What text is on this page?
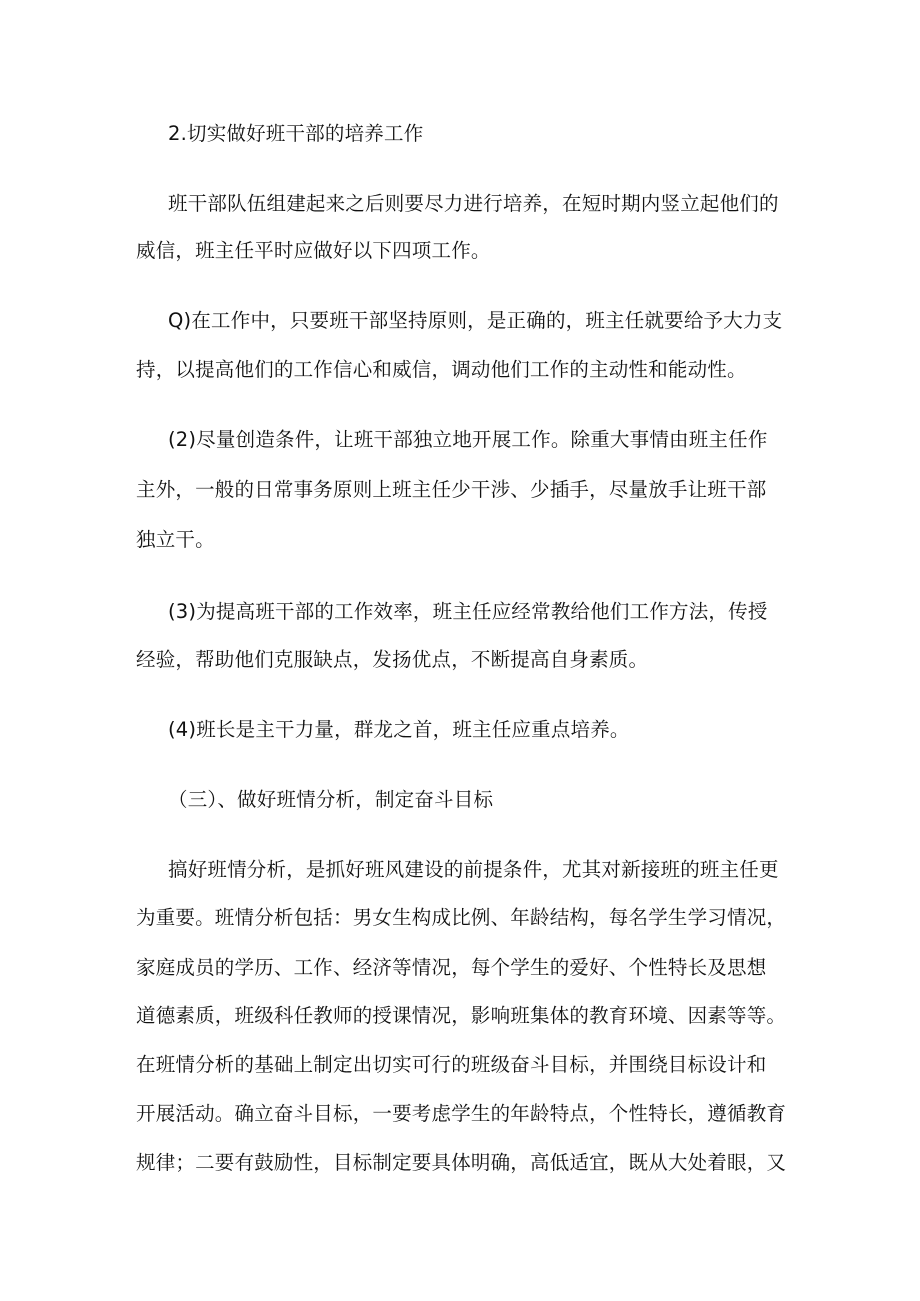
2.切实做好班干部的培养工作
班干部队伍组建起来之后则要尽力进行培养，在短时期内竖立起他们的
威信，班主任平时应做好以下四项工作。
Q)在工作中，只要班干部坚持原则，是正确的，班主任就要给予大力支
持，以提高他们的工作信心和威信，调动他们工作的主动性和能动性。
(2)尽量创造条件，让班干部独立地开展工作。除重大事情由班主任作
主外，一般的日常事务原则上班主任少干涉、少插手，尽量放手让班干部
独立干。
(3)为提高班干部的工作效率，班主任应经常教给他们工作方法，传授
经验，帮助他们克服缺点，发扬优点，不断提高自身素质。
(4)班长是主干力量，群龙之首，班主任应重点培养。
（三）、做好班情分析，制定奋斗目标
搞好班情分析，是抓好班风建设的前提条件，尤其对新接班的班主任更
为重要。班情分析包括：男女生构成比例、年龄结构，每名学生学习情况，
家庭成员的学历、工作、经济等情况，每个学生的爱好、个性特长及思想
道德素质，班级科任教师的授课情况，影响班集体的教育环境、因素等等。
在班情分析的基础上制定出切实可行的班级奋斗目标，并围绕目标设计和
开展活动。确立奋斗目标，一要考虑学生的年龄特点，个性特长，遵循教育
规律；二要有鼓励性，目标制定要具体明确，高低适宜，既从大处着眼，又
